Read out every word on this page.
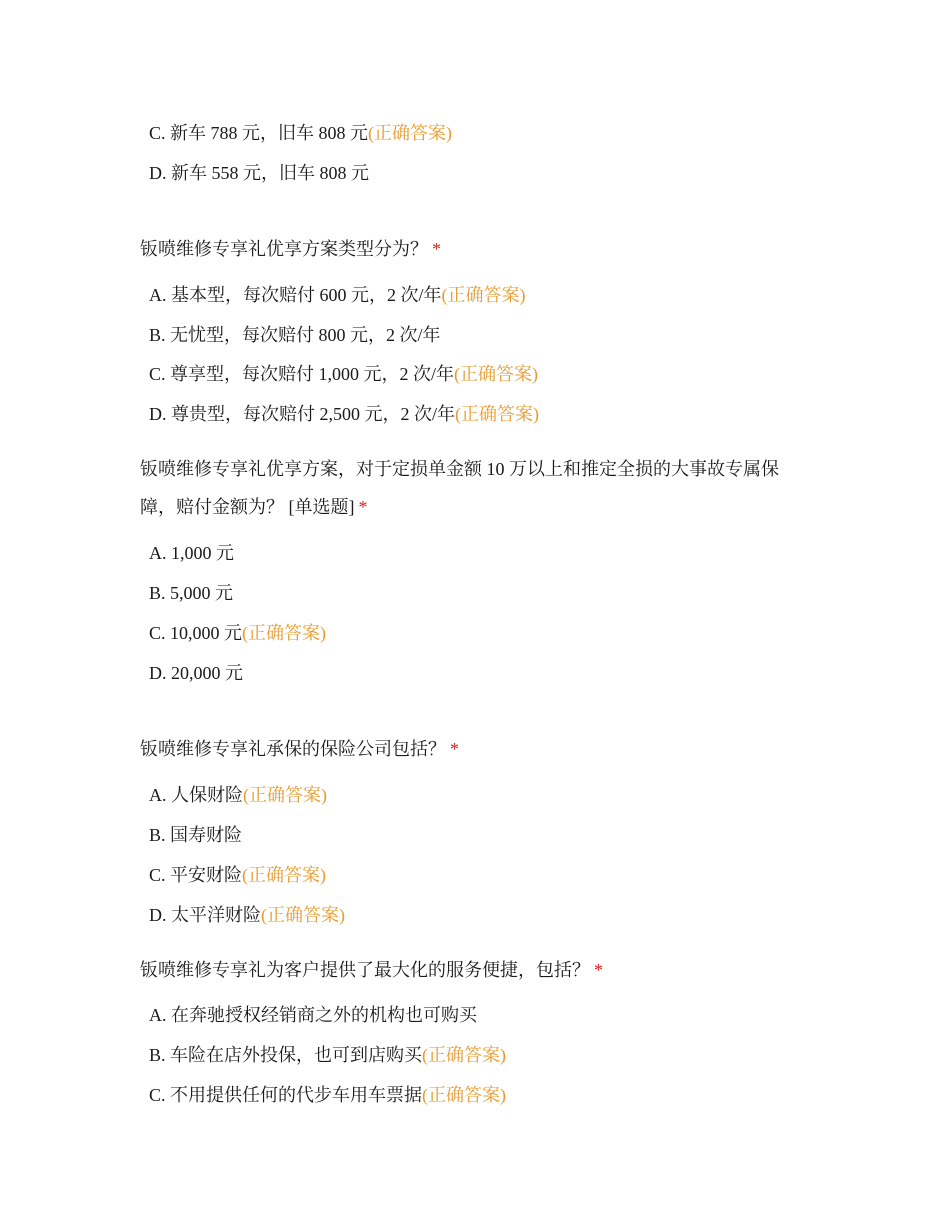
C. 新车 788 元，旧车 808 元(正确答案)
D. 新车 558 元，旧车 808 元

钣喷维修专享礼优享方案类型分为？ *

A. 基本型，每次赔付 600 元，2 次/年(正确答案)
B. 无忧型，每次赔付 800 元，2 次/年
C. 尊享型，每次赔付 1,000 元，2 次/年(正确答案)
D. 尊贵型，每次赔付 2,500 元，2 次/年(正确答案)

钣喷维修专享礼优享方案，对于定损单金额 10 万以上和推定全损的大事故专属保障，赔付金额为？ [单选题] *

A. 1,000 元
B. 5,000 元
C. 10,000 元(正确答案)
D. 20,000 元

钣喷维修专享礼承保的保险公司包括？ *

A. 人保财险(正确答案)
B. 国寿财险
C. 平安财险(正确答案)
D. 太平洋财险(正确答案)

钣喷维修专享礼为客户提供了最大化的服务便捷，包括？ *

A. 在奔驰授权经销商之外的机构也可购买
B. 车险在店外投保，也可到店购买(正确答案)
C. 不用提供任何的代步车用车票据(正确答案)
